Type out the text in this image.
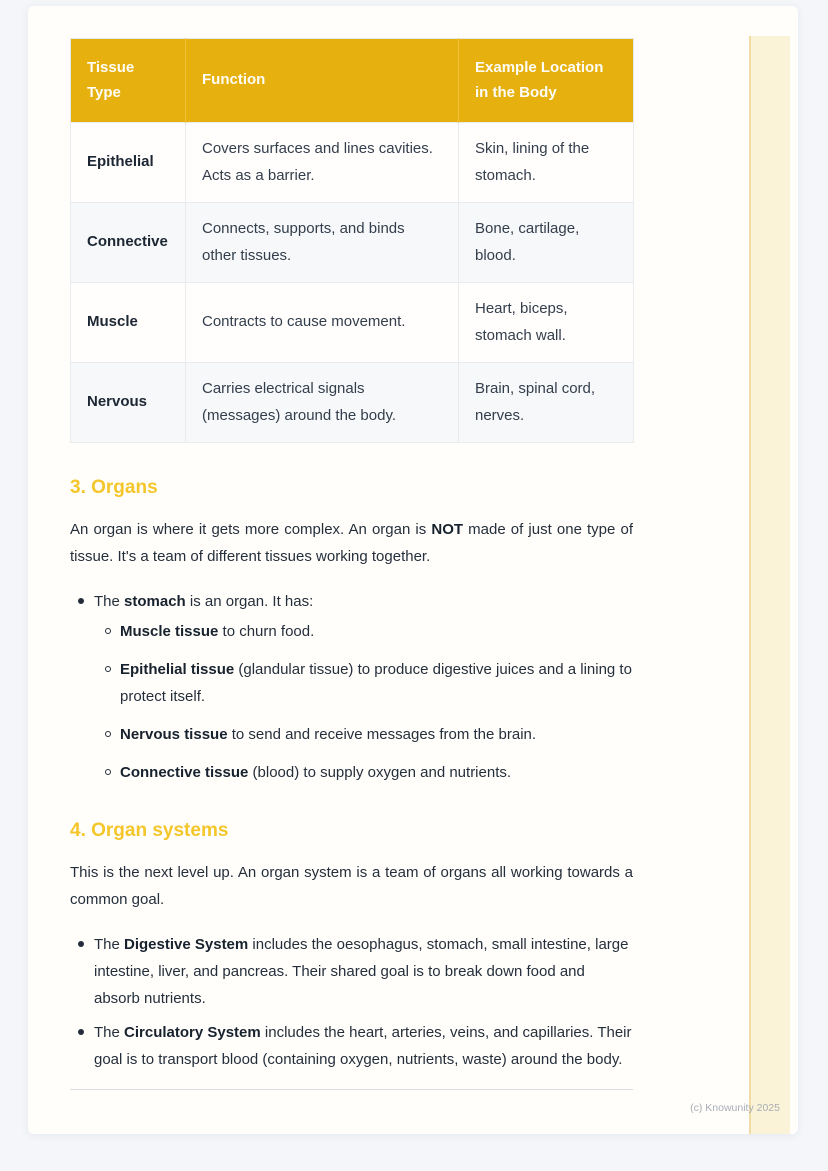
Tissue Type	Function	Example Location in the Body
Epithelial	Covers surfaces and lines cavities. Acts as a barrier.	Skin, lining of the stomach.
Connective	Connects, supports, and binds other tissues.	Bone, cartilage, blood.
Muscle	Contracts to cause movement.	Heart, biceps, stomach wall.
Nervous	Carries electrical signals (messages) around the body.	Brain, spinal cord, nerves.
3. Organs

An organ is where it gets more complex. An organ is NOT made of just one type of tissue. It's a team of different tissues working together.

The stomach is an organ. It has:
Muscle tissue to churn food.
Epithelial tissue (glandular tissue) to produce digestive juices and a lining to protect itself.
Nervous tissue to send and receive messages from the brain.
Connective tissue (blood) to supply oxygen and nutrients.
4. Organ systems

This is the next level up. An organ system is a team of organs all working towards a common goal.

The Digestive System includes the oesophagus, stomach, small intestine, large intestine, liver, and pancreas. Their shared goal is to break down food and absorb nutrients.
The Circulatory System includes the heart, arteries, veins, and capillaries. Their goal is to transport blood (containing oxygen, nutrients, waste) around the body.
(c) Knowunity 2025
